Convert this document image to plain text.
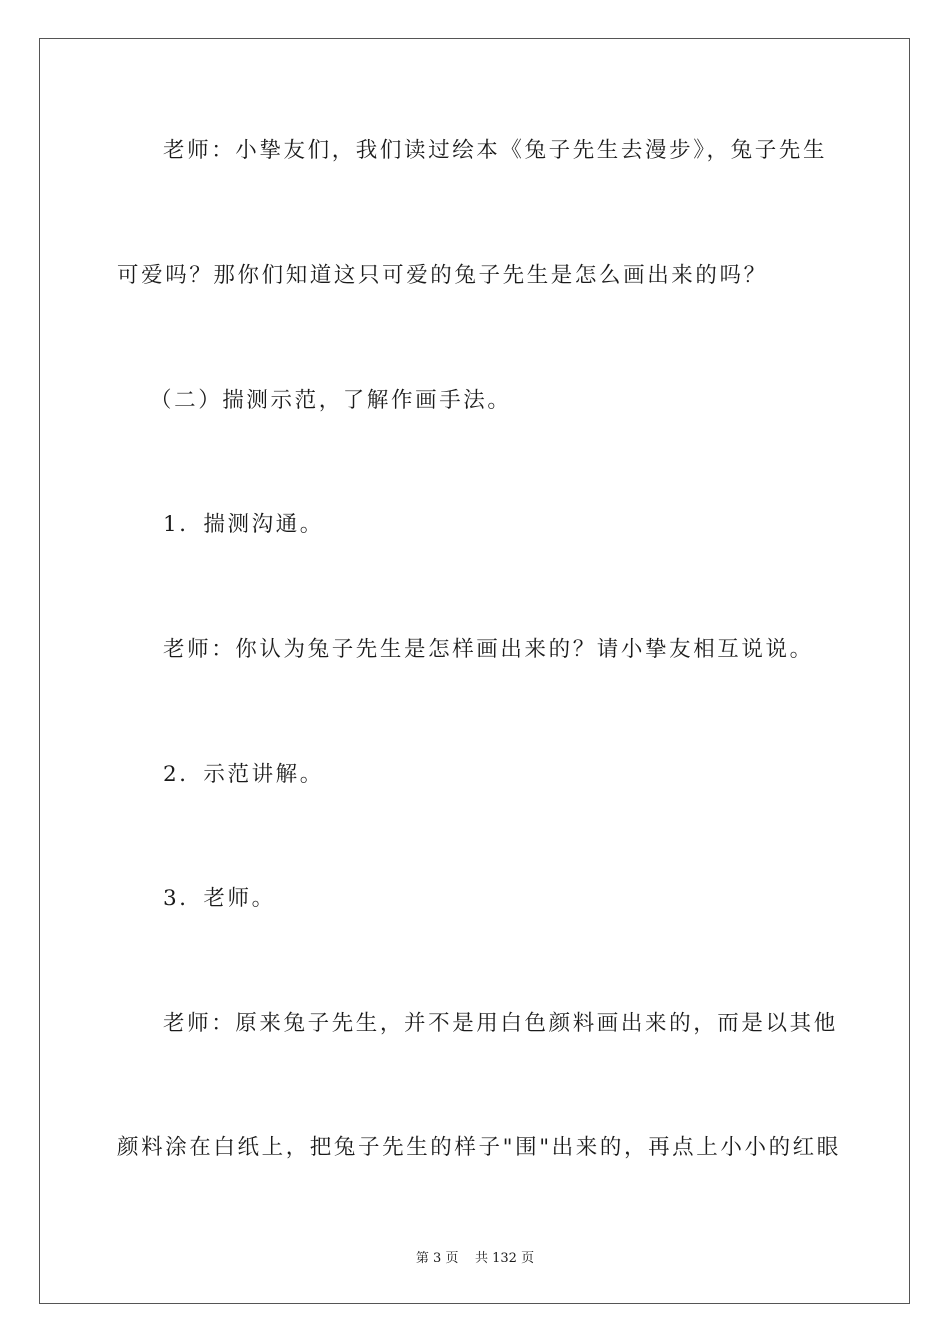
老师：小挚友们，我们读过绘本《兔子先生去漫步》，兔子先生
可爱吗？那你们知道这只可爱的兔子先生是怎么画出来的吗？
（二）揣测示范，了解作画手法。
1．揣测沟通。
老师：你认为兔子先生是怎样画出来的？请小挚友相互说说。
2．示范讲解。
3．老师。
老师：原来兔子先生，并不是用白色颜料画出来的，而是以其他
颜料涂在白纸上，把兔子先生的样子"围"出来的，再点上小小的红眼
第 3 页    共 132 页
